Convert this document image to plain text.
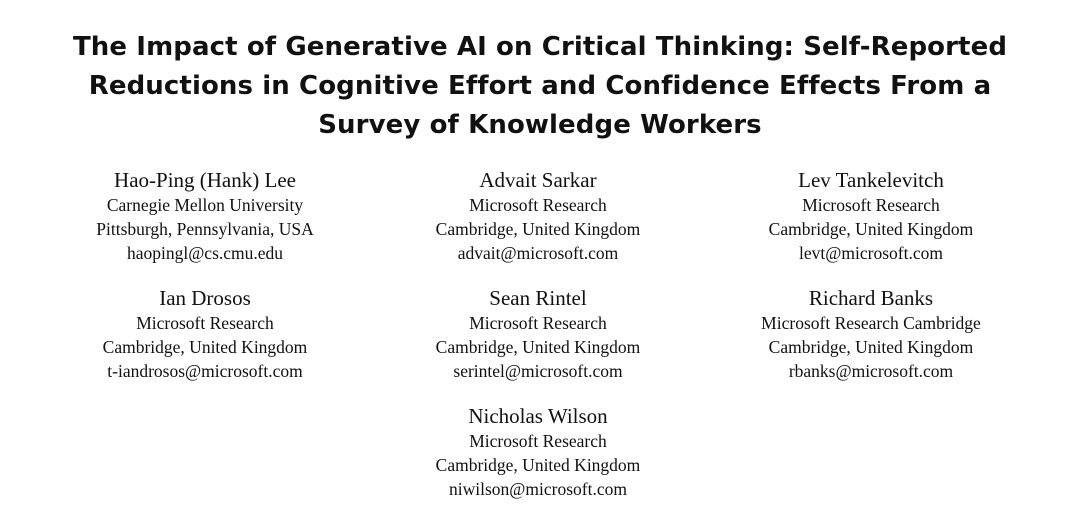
The Impact of Generative AI on Critical Thinking: Self-Reported
Reductions in Cognitive Effort and Confidence Effects From a
Survey of Knowledge Workers
Hao-Ping (Hank) Lee
Carnegie Mellon University
Pittsburgh, Pennsylvania, USA
haopingl@cs.cmu.edu
Advait Sarkar
Microsoft Research
Cambridge, United Kingdom
advait@microsoft.com
Lev Tankelevitch
Microsoft Research
Cambridge, United Kingdom
levt@microsoft.com
Ian Drosos
Microsoft Research
Cambridge, United Kingdom
t-iandrosos@microsoft.com
Sean Rintel
Microsoft Research
Cambridge, United Kingdom
serintel@microsoft.com
Richard Banks
Microsoft Research Cambridge
Cambridge, United Kingdom
rbanks@microsoft.com
Nicholas Wilson
Microsoft Research
Cambridge, United Kingdom
niwilson@microsoft.com
